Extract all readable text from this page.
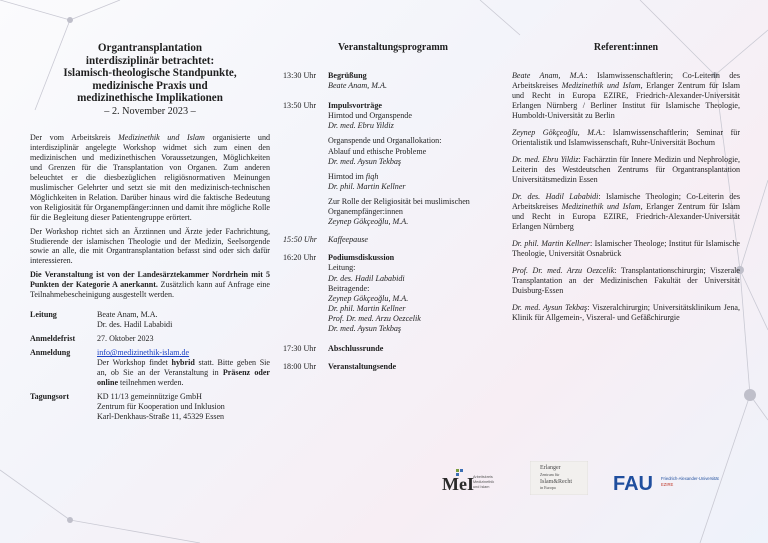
Organtransplantation
interdisziplinär betrachtet:
Islamisch-theologische Standpunkte,
medizinische Praxis und
medizinethische Implikationen
– 2. November 2023 –

Der vom Arbeitskreis Medizinethik und Islam organisierte und interdisziplinär angelegte Workshop widmet sich zum einen den medizinischen und medizinethischen Voraussetzungen, Möglichkeiten und Grenzen für die Transplantation von Organen. Zum anderen beleuchtet er die diesbezüglichen religiösnormativen Meinungen muslimischer Gelehrter und setzt sie mit den medizinisch-technischen Möglichkeiten in Relation. Darüber hinaus wird die faktische Bedeutung von Religiosität für Organempfänger:innen und damit ihre mögliche Rolle für die Begleitung dieser Patientengruppe erörtert.

Der Workshop richtet sich an Ärztinnen und Ärzte jeder Fachrichtung, Studierende der islamischen Theologie und der Medizin, Seelsorgende sowie an alle, die mit Organtransplantation befasst sind oder sich dafür interessieren.

Die Veranstaltung ist von der Landesärztekammer Nordrhein mit 5 Punkten der Kategorie A anerkannt. Zusätzlich kann auf Anfrage eine Teilnahmebescheinigung ausgestellt werden.

Leitung	Beate Anam, M.A.
Dr. des. Hadil Lababidi
Anmeldefrist	27. Oktober 2023
Anmeldung	info@medizinethik-islam.de
Der Workshop findet hybrid statt. Bitte geben Sie an, ob Sie an der Veranstaltung in Präsenz oder online teilnehmen werden.
Tagungsort	KD 11/13 gemeinnützige GmbH
Zentrum für Kooperation und Inklusion
Karl-Denkhaus-Straße 11, 45329 Essen
Veranstaltungsprogramm
13:30 Uhr	Begrüßung
Beate Anam, M.A.
13:50 Uhr	Impulsvorträge
Hirntod und Organspende
Dr. med. Ebru Yildiz
Organspende und Organallokation:
Ablauf und ethische Probleme
Dr. med. Aysun Tekbaş
Hirntod im fiqh
Dr. phil. Martin Kellner
Zur Rolle der Religiosität bei muslimischen
Organempfänger:innen
Zeynep Gökçeoğlu, M.A.
15:50 Uhr	Kaffeepause
16:20 Uhr	Podiumsdiskussion
Leitung:
Dr. des. Hadil Lababidi
Beitragende:
Zeynep Gökçeoğlu, M.A.
Dr. phil. Martin Kellner
Prof. Dr. med. Arzu Oezcelik
Dr. med. Aysun Tekbaş
17:30 Uhr	Abschlussrunde
18:00 Uhr	Veranstaltungsende
Referent:innen

Beate Anam, M.A.: Islamwissenschaftlerin; Co-Leiterin des Arbeitskreises Medizinethik und Islam, Erlanger Zentrum für Islam und Recht in Europa EZIRE, Friedrich-Alexander-Universität Erlangen Nürnberg / Berliner Institut für Islamische Theologie, Humboldt-Universität zu Berlin

Zeynep Gökçeoğlu, M.A.: Islamwissenschaftlerin; Seminar für Orientalistik und Islamwissenschaft, Ruhr-Universität Bochum

Dr. med. Ebru Yildiz: Fachärztin für Innere Medizin und Nephrologie, Leiterin des Westdeutschen Zentrums für Organtransplantation Universitätsmedizin Essen

Dr. des. Hadil Lababidi: Islamische Theologin; Co-Leiterin des Arbeitskreises Medizinethik und Islam, Erlanger Zentrum für Islam und Recht in Europa EZIRE, Friedrich-Alexander-Universität Erlangen Nürnberg

Dr. phil. Martin Kellner: Islamischer Theologe; Institut für Islamische Theologie, Universität Osnabrück

Prof. Dr. med. Arzu Oezcelik: Transplantationschirurgin; Viszerale Transplantation an der Medizinischen Fakultät der Universität Duisburg-Essen

Dr. med. Aysun Tekbaş: Viszeralchirurgin; Universitätsklinikum Jena, Klinik für Allgemein-, Viszeral- und Gefäßchirurgie

MeI Arbeitskreis
Medizinethik
und Islam
Erlanger
Zentrum für
Islam&Recht
in Europa	FAU Friedrich-Alexander-Universität
EZIRE
